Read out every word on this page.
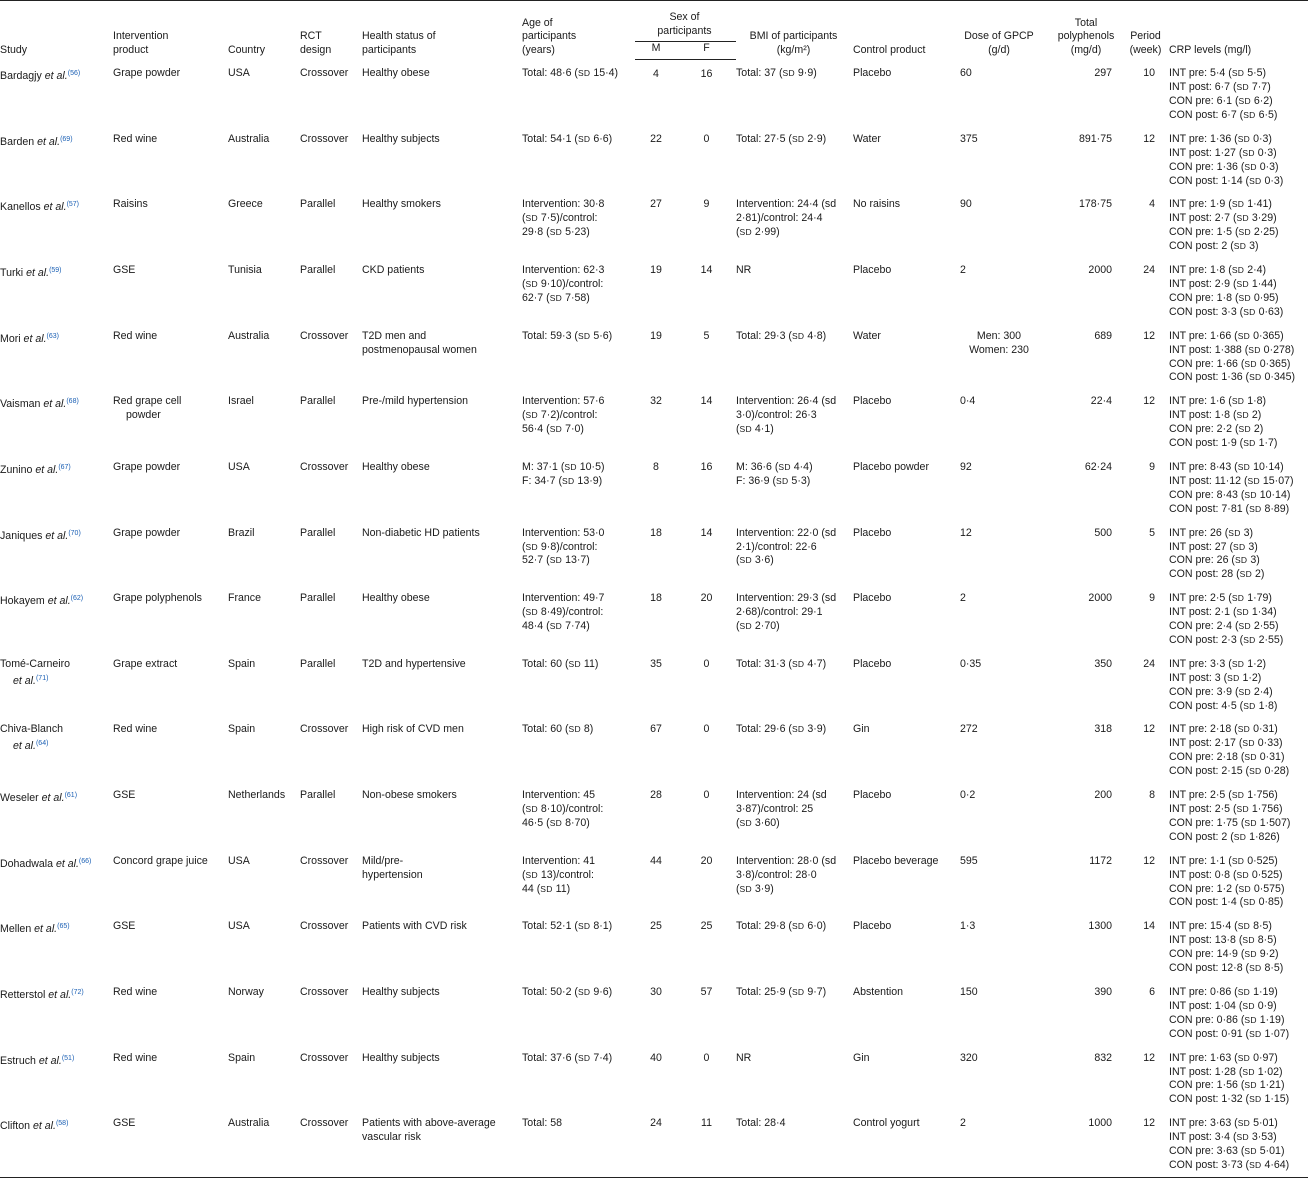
Study	Intervention product	Country	RCT design	Health status of participants	Age of participants (years)	Sex of participants		BMI of participants (kg/m²)	Control product	Dose of GPCP (g/d)	Total polyphenols (mg/d)	Period (week)	CRP levels (mg/l)
						M	F						
Bardagjy et al.$^{(56)}$	Grape powder	USA	Crossover	Healthy obese	Total: 48·6 (SD 15·4)	4	16	Total: 37 (SD 9·9)	Placebo	60	297	10	INT pre: 5·4 (SD 5·5)
INT post: 6·7 (SD 7·7)
CON pre: 6·1 (SD 6·2)
CON post: 6·7 (SD 6·5)

Barden et al.$^{(69)}$	Red wine	Australia	Crossover	Healthy subjects	Total: 54·1 (SD 6·6)	22	0	Total: 27·5 (SD 2·9)	Water	375	891·75	12	INT pre: 1·36 (SD 0·3)
INT post: 1·27 (SD 0·3)
CON pre: 1·36 (SD 0·3)
CON post: 1·14 (SD 0·3)

Kanellos et al.$^{(57)}$	Raisins	Greece	Parallel	Healthy smokers	Intervention: 30·8
(SD 7·5)/control:
29·8 (SD 5·23)	27	9	Intervention: 24·4 (sd
2·81)/control: 24·4
(SD 2·99)	No raisins	90	178·75	4	INT pre: 1·9 (SD 1·41)
INT post: 2·7 (SD 3·29)
CON pre: 1·5 (SD 2·25)
CON post: 2 (SD 3)

Turki et al.$^{(59)}$	GSE	Tunisia	Parallel	CKD patients	Intervention: 62·3
(SD 9·10)/control:
62·7 (SD 7·58)	19	14	NR	Placebo	2	2000	24	INT pre: 1·8 (SD 2·4)
INT post: 2·9 (SD 1·44)
CON pre: 1·8 (SD 0·95)
CON post: 3·3 (SD 0·63)

Mori et al.$^{(63)}$	Red wine	Australia	Crossover	T2D men and
postmenopausal women	Total: 59·3 (SD 5·6)	19	5	Total: 29·3 (SD 4·8)	Water	Men: 300
Women: 230	689	12	INT pre: 1·66 (SD 0·365)
INT post: 1·388 (SD 0·278)
CON pre: 1·66 (SD 0·365)
CON post: 1·36 (SD 0·345)

Vaisman et al.$^{(68)}$	Red grape cell
powder	Israel	Parallel	Pre-/mild hypertension	Intervention: 57·6
(SD 7·2)/control:
56·4 (SD 7·0)	32	14	Intervention: 26·4 (sd
3·0)/control: 26·3
(SD 4·1)	Placebo	0·4	22·4	12	INT pre: 1·6 (SD 1·8)
INT post: 1·8 (SD 2)
CON pre: 2·2 (SD 2)
CON post: 1·9 (SD 1·7)

Zunino et al.$^{(67)}$	Grape powder	USA	Crossover	Healthy obese	M: 37·1 (SD 10·5)
F: 34·7 (SD 13·9)	8	16	M: 36·6 (SD 4·4)
F: 36·9 (SD 5·3)	Placebo powder	92	62·24	9	INT pre: 8·43 (SD 10·14)
INT post: 11·12 (SD 15·07)
CON pre: 8·43 (SD 10·14)
CON post: 7·81 (SD 8·89)

Janiques et al.$^{(70)}$	Grape powder	Brazil	Parallel	Non-diabetic HD patients	Intervention: 53·0
(SD 9·8)/control:
52·7 (SD 13·7)	18	14	Intervention: 22·0 (sd
2·1)/control: 22·6
(SD 3·6)	Placebo	12	500	5	INT pre: 26 (SD 3)
INT post: 27 (SD 3)
CON pre: 26 (SD 3)
CON post: 28 (SD 2)

Hokayem et al.$^{(62)}$	Grape polyphenols	France	Parallel	Healthy obese	Intervention: 49·7
(SD 8·49)/control:
48·4 (SD 7·74)	18	20	Intervention: 29·3 (sd
2·68)/control: 29·1
(SD 2·70)	Placebo	2	2000	9	INT pre: 2·5 (SD 1·79)
INT post: 2·1 (SD 1·34)
CON pre: 2·4 (SD 2·55)
CON post: 2·3 (SD 2·55)

Tomé-Carneiro
et al.$^{(71)}$	Grape extract	Spain	Parallel	T2D and hypertensive	Total: 60 (SD 11)	35	0	Total: 31·3 (SD 4·7)	Placebo	0·35	350	24	INT pre: 3·3 (SD 1·2)
INT post: 3 (SD 1·2)
CON pre: 3·9 (SD 2·4)
CON post: 4·5 (SD 1·8)

Chiva-Blanch
et al.$^{(64)}$	Red wine	Spain	Crossover	High risk of CVD men	Total: 60 (SD 8)	67	0	Total: 29·6 (SD 3·9)	Gin	272	318	12	INT pre: 2·18 (SD 0·31)
INT post: 2·17 (SD 0·33)
CON pre: 2·18 (SD 0·31)
CON post: 2·15 (SD 0·28)

Weseler et al.$^{(61)}$	GSE	Netherlands	Parallel	Non-obese smokers	Intervention: 45
(SD 8·10)/control:
46·5 (SD 8·70)	28	0	Intervention: 24 (sd
3·87)/control: 25
(SD 3·60)	Placebo	0·2	200	8	INT pre: 2·5 (SD 1·756)
INT post: 2·5 (SD 1·756)
CON pre: 1·75 (SD 1·507)
CON post: 2 (SD 1·826)

Dohadwala et al.$^{(66)}$	Concord grape juice	USA	Crossover	Mild/pre-
hypertension	Intervention: 41
(SD 13)/control:
44 (SD 11)	44	20	Intervention: 28·0 (sd
3·8)/control: 28·0
(SD 3·9)	Placebo beverage	595	1172	12	INT pre: 1·1 (SD 0·525)
INT post: 0·8 (SD 0·525)
CON pre: 1·2 (SD 0·575)
CON post: 1·4 (SD 0·85)

Mellen et al.$^{(65)}$	GSE	USA	Crossover	Patients with CVD risk	Total: 52·1 (SD 8·1)	25	25	Total: 29·8 (SD 6·0)	Placebo	1·3	1300	14	INT pre: 15·4 (SD 8·5)
INT post: 13·8 (SD 8·5)
CON pre: 14·9 (SD 9·2)
CON post: 12·8 (SD 8·5)

Retterstol et al.$^{(72)}$	Red wine	Norway	Crossover	Healthy subjects	Total: 50·2 (SD 9·6)	30	57	Total: 25·9 (SD 9·7)	Abstention	150	390	6	INT pre: 0·86 (SD 1·19)
INT post: 1·04 (SD 0·9)
CON pre: 0·86 (SD 1·19)
CON post: 0·91 (SD 1·07)

Estruch et al.$^{(51)}$	Red wine	Spain	Crossover	Healthy subjects	Total: 37·6 (SD 7·4)	40	0	NR	Gin	320	832	12	INT pre: 1·63 (SD 0·97)
INT post: 1·28 (SD 1·02)
CON pre: 1·56 (SD 1·21)
CON post: 1·32 (SD 1·15)

Clifton et al.$^{(58)}$	GSE	Australia	Crossover	Patients with above-average
vascular risk	Total: 58	24	11	Total: 28·4	Control yogurt	2	1000	12	INT pre: 3·63 (SD 5·01)
INT post: 3·4 (SD 3·53)
CON pre: 3·63 (SD 5·01)
CON post: 3·73 (SD 4·64)
